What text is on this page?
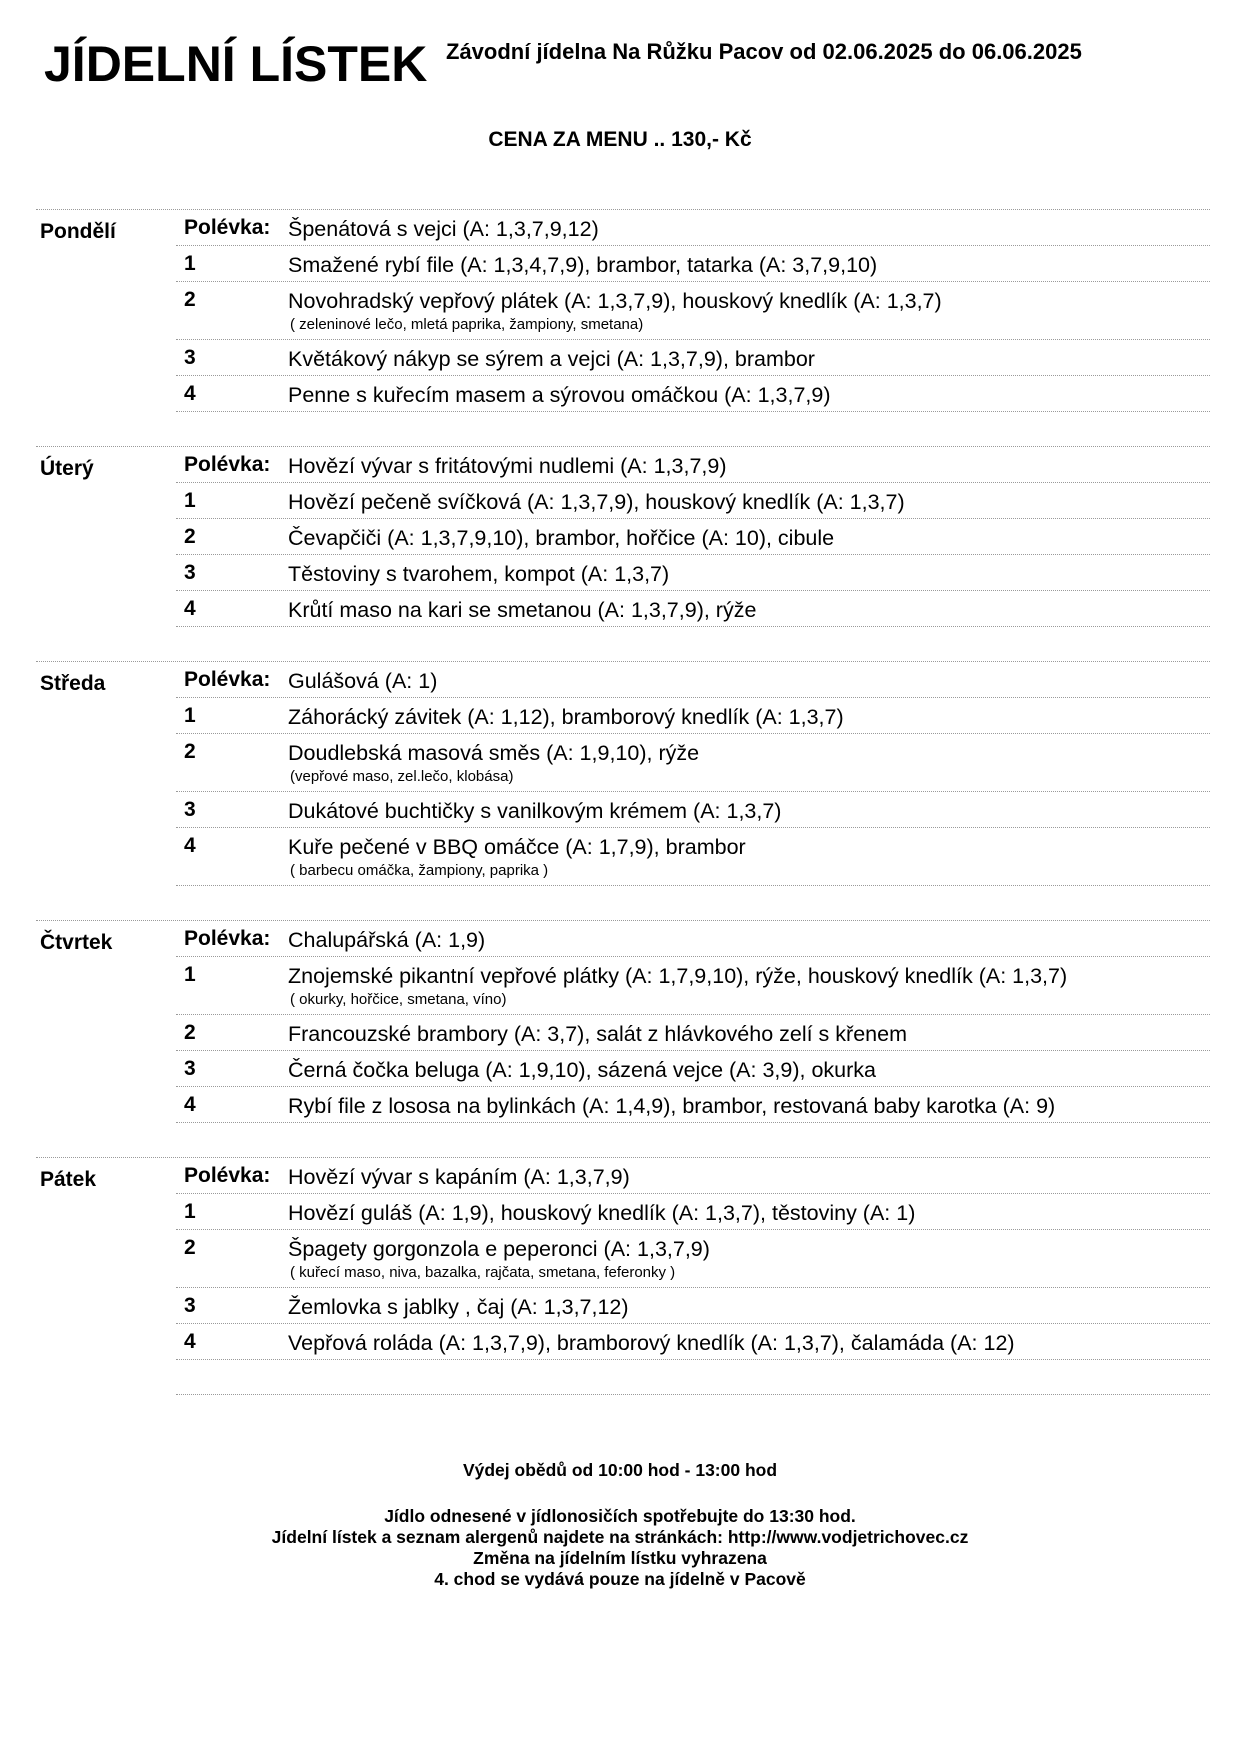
JÍDELNÍ LÍSTEK Závodní jídelna Na Růžku Pacov od 02.06.2025 do 06.06.2025
CENA ZA MENU .. 130,- Kč
Pondělí	Polévka: Špenátová s vejci (A: 1,3,7,9,12)
1	Smažené rybí file (A: 1,3,4,7,9), brambor, tatarka (A: 3,7,9,10)
2	Novohradský vepřový plátek (A: 1,3,7,9), houskový knedlík (A: 1,3,7)
( zeleninové lečo, mletá paprika, žampiony, smetana)
3	Květákový nákyp se sýrem a vejci (A: 1,3,7,9), brambor
4	Penne s kuřecím masem a sýrovou omáčkou (A: 1,3,7,9)
Úterý	Polévka: Hovězí vývar s fritátovými nudlemi (A: 1,3,7,9)
1	Hovězí pečeně svíčková (A: 1,3,7,9), houskový knedlík (A: 1,3,7)
2	Čevapčiči (A: 1,3,7,9,10), brambor, hořčice (A: 10), cibule
3	Těstoviny s tvarohem, kompot (A: 1,3,7)
4	Krůtí maso na kari se smetanou (A: 1,3,7,9), rýže
Středa	Polévka: Gulášová (A: 1)
1	Záhorácký závitek (A: 1,12), bramborový knedlík (A: 1,3,7)
2	Doudlebská masová směs (A: 1,9,10), rýže
(vepřové maso, zel.lečo, klobása)
3	Dukátové buchtičky s vanilkovým krémem (A: 1,3,7)
4	Kuře pečené v BBQ omáčce (A: 1,7,9), brambor
( barbecu omáčka, žampiony, paprika )
Čtvrtek	Polévka: Chalupářská (A: 1,9)
1	Znojemské pikantní vepřové plátky (A: 1,7,9,10), rýže, houskový knedlík (A: 1,3,7)
( okurky, hořčice, smetana, víno)
2	Francouzské brambory (A: 3,7), salát z hlávkového zelí s křenem
3	Černá čočka beluga (A: 1,9,10), sázená vejce (A: 3,9), okurka
4	Rybí file z lososa na bylinkách (A: 1,4,9), brambor, restovaná baby karotka (A: 9)
Pátek	Polévka: Hovězí vývar s kapáním (A: 1,3,7,9)
1	Hovězí guláš (A: 1,9), houskový knedlík (A: 1,3,7), těstoviny (A: 1)
2	Špagety gorgonzola e peperonci (A: 1,3,7,9)
( kuřecí maso, niva, bazalka, rajčata, smetana, feferonky )
3	Žemlovka s jablky , čaj (A: 1,3,7,12)
4	Vepřová roláda (A: 1,3,7,9), bramborový knedlík (A: 1,3,7), čalamáda (A: 12)
Výdej obědů od 10:00 hod - 13:00 hod
Jídlo odnesené v jídlonosičích spotřebujte do 13:30 hod.
Jídelní lístek a seznam alergenů najdete na stránkách: http://www.vodjetrichovec.cz
Změna na jídelním lístku vyhrazena
4. chod se vydává pouze na jídelně v Pacově
